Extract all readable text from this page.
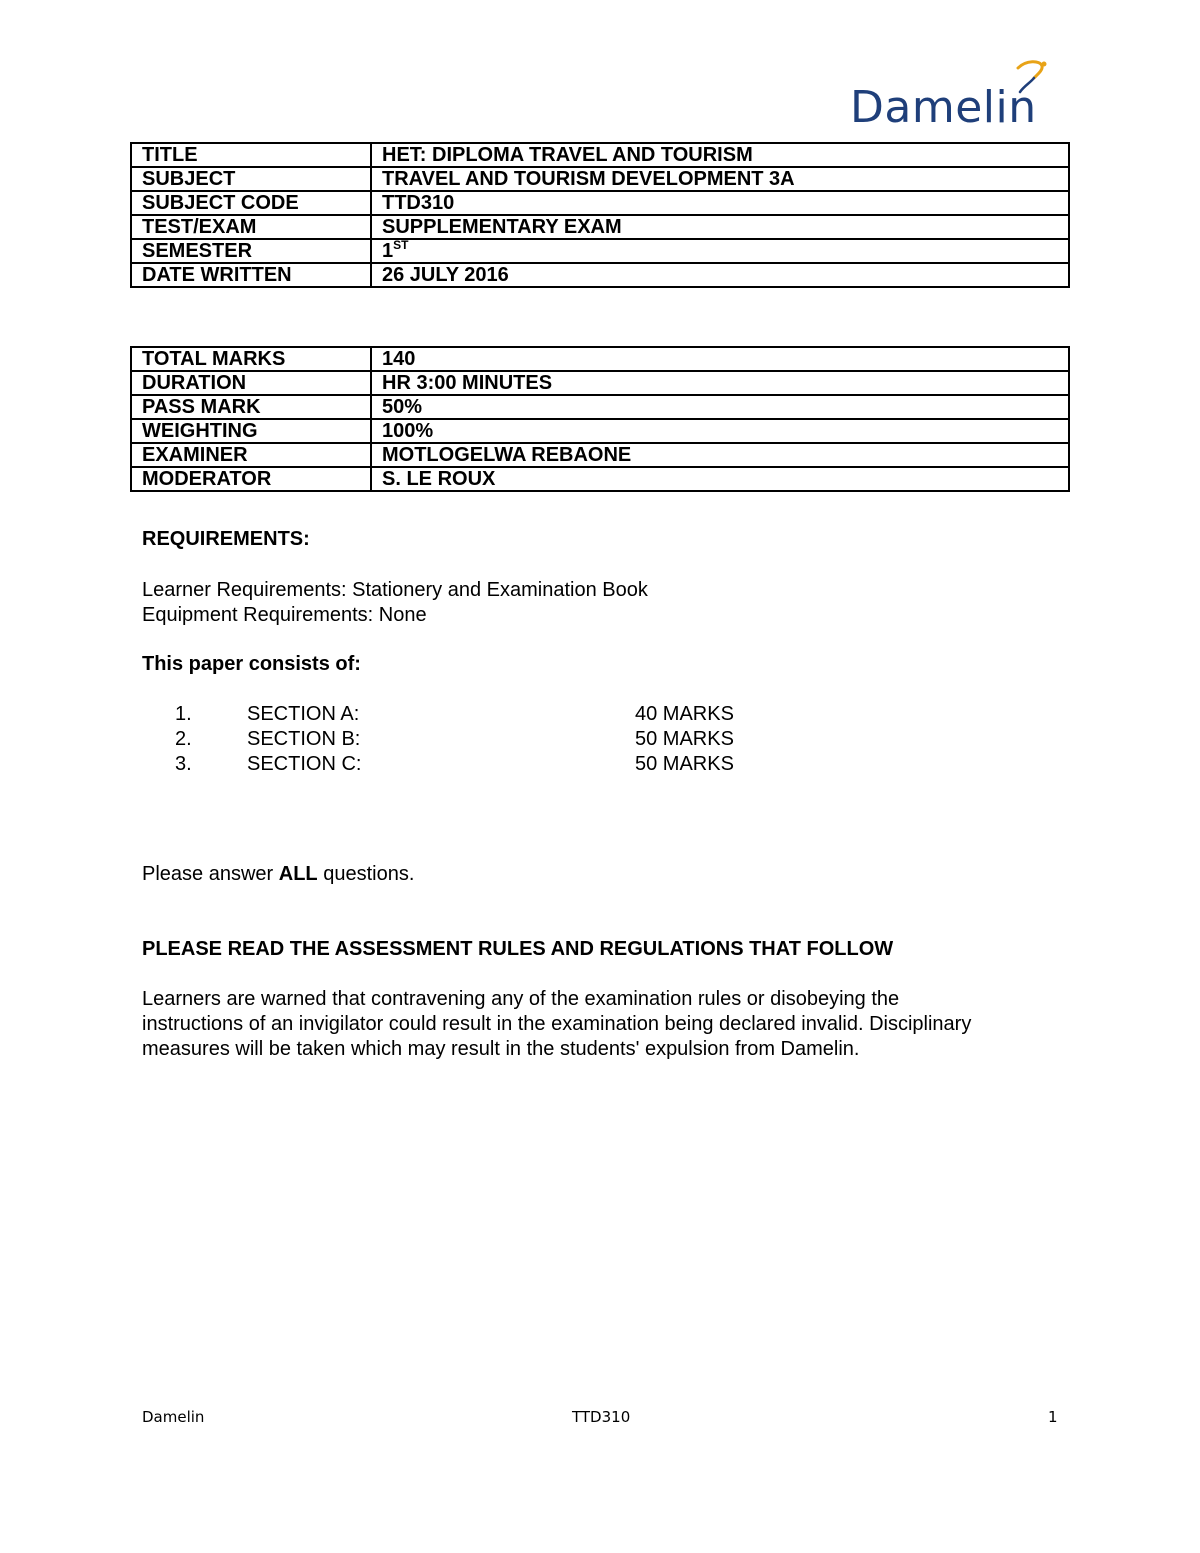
Damelin
TITLE	HET: DIPLOMA TRAVEL AND TOURISM
SUBJECT	TRAVEL AND TOURISM DEVELOPMENT 3A
SUBJECT CODE	TTD310
TEST/EXAM	SUPPLEMENTARY EXAM
SEMESTER	1ST
DATE WRITTEN	26 JULY 2016
TOTAL MARKS	140
DURATION	HR 3:00 MINUTES
PASS MARK	50%
WEIGHTING	100%
EXAMINER	MOTLOGELWA REBAONE
MODERATOR	S. LE ROUX
REQUIREMENTS:
Learner Requirements: Stationery and Examination Book
Equipment Requirements: None
This paper consists of:
1.	SECTION A:	40 MARKS
2.	SECTION B:	50 MARKS
3.	SECTION C:	50 MARKS
Please answer ALL questions.
PLEASE READ THE ASSESSMENT RULES AND REGULATIONS THAT FOLLOW
Learners are warned that contravening any of the examination rules or disobeying the
instructions of an invigilator could result in the examination being declared invalid. Disciplinary
measures will be taken which may result in the students' expulsion from Damelin.
Damelin	TTD310	1
